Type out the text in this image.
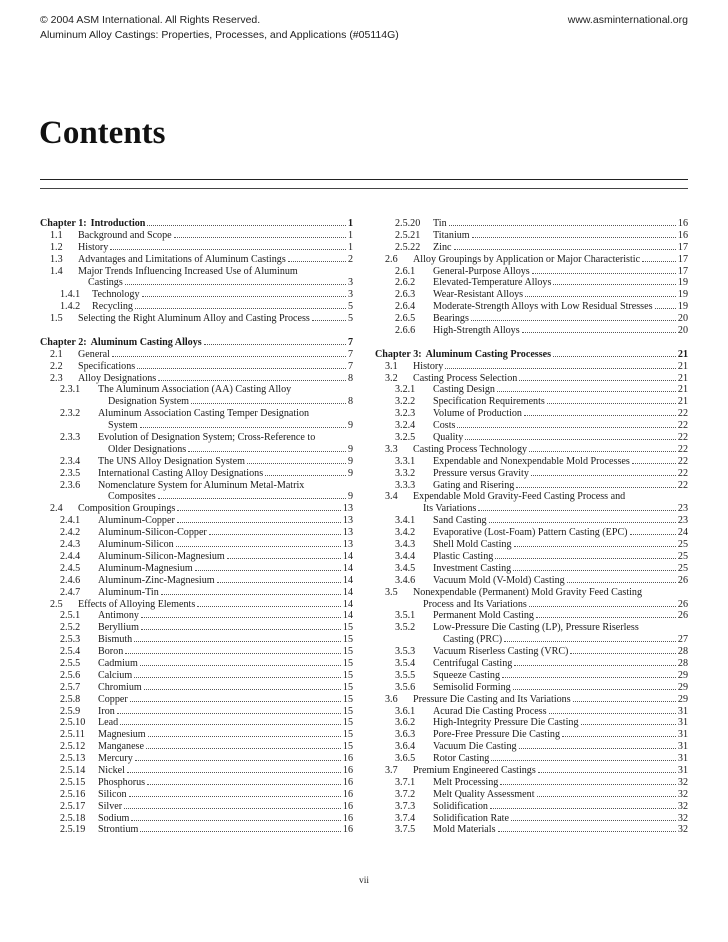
© 2004 ASM International. All Rights Reserved.	www.asminternational.org
Aluminum Alloy Castings: Properties, Processes, and Applications (#05114G)
Contents
Chapter 1: Introduction	1
1.1	Background and Scope	1
1.2	History	1
1.3	Advantages and Limitations of Aluminum Castings	2
1.4	Major Trends Influencing Increased Use of Aluminum
Castings	3
1.4.1	Technology	3
1.4.2	Recycling	5
1.5	Selecting the Right Aluminum Alloy and Casting Process	5
Chapter 2: Aluminum Casting Alloys	7
2.1	General	7
2.2	Specifications	7
2.3	Alloy Designations	8
2.3.1	The Aluminum Association (AA) Casting Alloy
Designation System	8
2.3.2	Aluminum Association Casting Temper Designation
System	9
2.3.3	Evolution of Designation System; Cross-Reference to
Older Designations	9
2.3.4	The UNS Alloy Designation System	9
2.3.5	International Casting Alloy Designations	9
2.3.6	Nomenclature System for Aluminum Metal-Matrix
Composites	9
2.4	Composition Groupings	13
2.4.1	Aluminum-Copper	13
2.4.2	Aluminum-Silicon-Copper	13
2.4.3	Aluminum-Silicon	13
2.4.4	Aluminum-Silicon-Magnesium	14
2.4.5	Aluminum-Magnesium	14
2.4.6	Aluminum-Zinc-Magnesium	14
2.4.7	Aluminum-Tin	14
2.5	Effects of Alloying Elements	14
2.5.1	Antimony	14
2.5.2	Beryllium	15
2.5.3	Bismuth	15
2.5.4	Boron	15
2.5.5	Cadmium	15
2.5.6	Calcium	15
2.5.7	Chromium	15
2.5.8	Copper	15
2.5.9	Iron	15
2.5.10	Lead	15
2.5.11	Magnesium	15
2.5.12	Manganese	15
2.5.13	Mercury	16
2.5.14	Nickel	16
2.5.15	Phosphorus	16
2.5.16	Silicon	16
2.5.17	Silver	16
2.5.18	Sodium	16
2.5.19	Strontium	16
2.5.20	Tin	16
2.5.21	Titanium	16
2.5.22	Zinc	17
2.6	Alloy Groupings by Application or Major Characteristic	17
2.6.1	General-Purpose Alloys	17
2.6.2	Elevated-Temperature Alloys	19
2.6.3	Wear-Resistant Alloys	19
2.6.4	Moderate-Strength Alloys with Low Residual Stresses	19
2.6.5	Bearings	20
2.6.6	High-Strength Alloys	20
Chapter 3: Aluminum Casting Processes	21
3.1	History	21
3.2	Casting Process Selection	21
3.2.1	Casting Design	21
3.2.2	Specification Requirements	21
3.2.3	Volume of Production	22
3.2.4	Costs	22
3.2.5	Quality	22
3.3	Casting Process Technology	22
3.3.1	Expendable and Nonexpendable Mold Processes	22
3.3.2	Pressure versus Gravity	22
3.3.3	Gating and Risering	22
3.4	Expendable Mold Gravity-Feed Casting Process and
Its Variations	23
3.4.1	Sand Casting	23
3.4.2	Evaporative (Lost-Foam) Pattern Casting (EPC)	24
3.4.3	Shell Mold Casting	25
3.4.4	Plastic Casting	25
3.4.5	Investment Casting	25
3.4.6	Vacuum Mold (V-Mold) Casting	26
3.5	Nonexpendable (Permanent) Mold Gravity Feed Casting
Process and Its Variations	26
3.5.1	Permanent Mold Casting	26
3.5.2	Low-Pressure Die Casting (LP), Pressure Riserless
Casting (PRC)	27
3.5.3	Vacuum Riserless Casting (VRC)	28
3.5.4	Centrifugal Casting	28
3.5.5	Squeeze Casting	29
3.5.6	Semisolid Forming	29
3.6	Pressure Die Casting and Its Variations	29
3.6.1	Acurad Die Casting Process	31
3.6.2	High-Integrity Pressure Die Casting	31
3.6.3	Pore-Free Pressure Die Casting	31
3.6.4	Vacuum Die Casting	31
3.6.5	Rotor Casting	31
3.7	Premium Engineered Castings	31
3.7.1	Melt Processing	32
3.7.2	Melt Quality Assessment	32
3.7.3	Solidification	32
3.7.4	Solidification Rate	32
3.7.5	Mold Materials	32
vii
